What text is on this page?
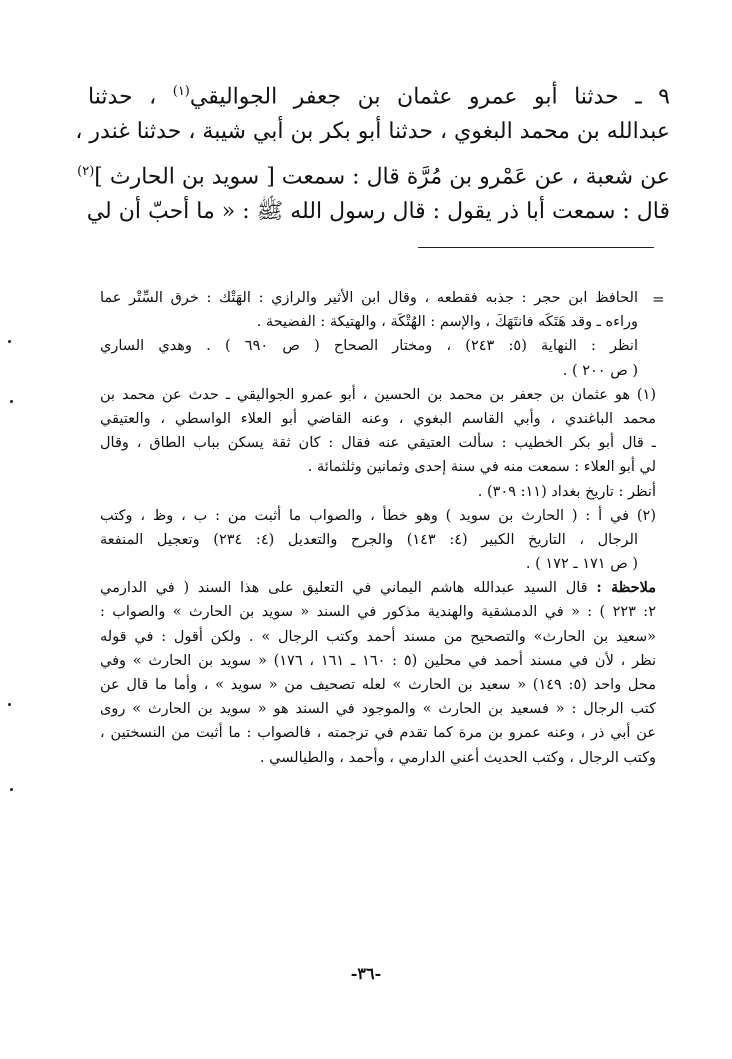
٩ ـ حدثنا أبو عمرو عثمان بن جعفر الجواليقي$^{(١)}$ ، حدثنا
عبدالله بن محمد البغوي ، حدثنا أبو بكر بن أبي شيبة ، حدثنا غندر ،
عن شعبة ، عن عَمْرو بن مُرَّة قال : سمعت [ سويد بن الحارث ]$^{(٢)}$
قال : سمعت أبا ذر يقول : قال رسول الله ﷺ : « ما أحبّ أن لي
=
الحافظ ابن حجر : جذبه فقطعه ، وقال ابن الأثير والرازي : الهَتْك : خرق السِّتْر عما
وراءه ـ وقد هَتَكَه فانتَهَكَ ، والإسم : الهُتْكَة ، والهتيكة : الفضيحة .
انظر : النهاية (٥: ٢٤٣) ، ومختار الصحاح ( ص ٦٩٠ ) . وهدي الساري
( ص ٢٠٠ ) .
(١) هو عثمان بن جعفر بن محمد بن الحسين ، أبو عمرو الجواليقي ـ حدث عن محمد بن
محمد الباغندي ، وأبي القاسم البغوي ، وعنه القاضي أبو العلاء الواسطي ، والعتيقي
ـ قال أبو بكر الخطيب : سألت العتيقي عنه فقال : كان ثقة يسكن بباب الطاق ، وقال
لي أبو العلاء : سمعت منه في سنة إحدى وثمانين وثلثمائة .
أنظر : تاريخ بغداد (١١: ٣٠٩) .
(٢) في أ : ( الحارث بن سويد ) وهو خطأ ، والصواب ما أثبت من : ب ، وظ ، وكتب
الرجال ، التاريخ الكبير (٤: ١٤٣) والجرح والتعديل (٤: ٢٣٤) وتعجيل المنفعة
( ص ١٧١ ـ ١٧٢ ) .
ملاحظة : قال السيد عبدالله هاشم اليماني في التعليق على هذا السند ( في الدارمي
٢: ٢٢٣ ) : « في الدمشقية والهندية مذكور في السند « سويد بن الحارث » والصواب :
«سعيد بن الحارث» والتصحيح من مسند أحمد وكتب الرجال » . ولكن أقول : في قوله
نظر ، لأن في مسند أحمد في محلين (٥ : ١٦٠ ـ ١٦١ ، ١٧٦) « سويد بن الحارث » وفي
محل واحد (٥: ١٤٩) « سعيد بن الحارث » لعله تصحيف من « سويد » ، وأما ما قال عن
كتب الرجال : « فسعيد بن الحارث » والموجود في السند هو « سويد بن الحارث » روى
عن أبي ذر ، وعنه عمرو بن مرة كما تقدم في ترجمته ، فالصواب : ما أثبت من النسختين ،
وكتب الرجال ، وكتب الحديث أعني الدارمي ، وأحمد ، والطيالسي .
-٣٦-
